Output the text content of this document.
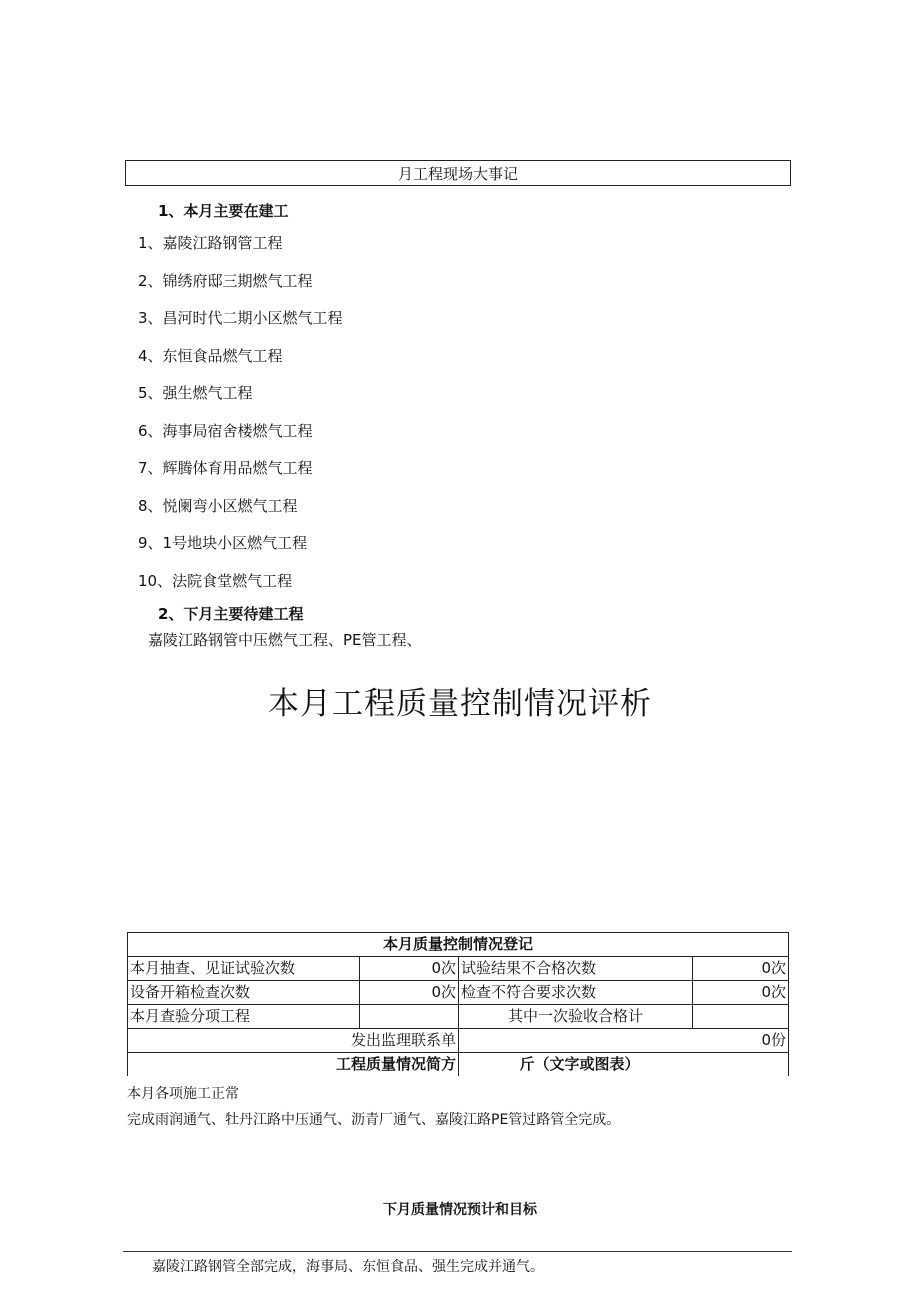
月工程现场大事记
1、本月主要在建工
1、嘉陵江路钢管工程
2、锦绣府邸三期燃气工程
3、昌河时代二期小区燃气工程
4、东恒食品燃气工程
5、强生燃气工程
6、海事局宿舍楼燃气工程
7、辉腾体育用品燃气工程
8、悦阑弯小区燃气工程
9、1号地块小区燃气工程
10、法院食堂燃气工程
2、下月主要待建工程
嘉陵江路钢管中压燃气工程、PE管工程、
本月工程质量控制情况评析
本月质量控制情况登记			
本月抽查、见证试验次数	0次	试验结果不合格次数	0次
设备开箱检查次数	0次	检查不符合要求次数	0次
本月查验分项工程		其中一次验收合格计	
发出监理联系单		0份	
工程质量情况简方		斤（文字或图表）	
本月各项施工正常
完成雨润通气、牡丹江路中压通气、沥青厂通气、嘉陵江路PE管过路管全完成。
下月质量情况预计和目标
嘉陵江路钢管全部完成，海事局、东恒食品、强生完成并通气。
